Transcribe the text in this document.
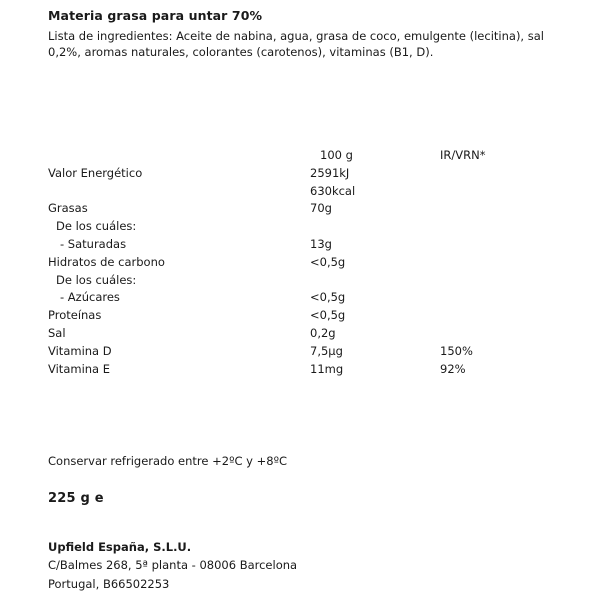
Materia grasa para untar 70%

Lista de ingredientes: Aceite de nabina, agua, grasa de coco, emulgente (lecitina), sal 0,2%, aromas naturales, colorantes (carotenos), vitaminas (B1, D).

	100 g	IR/VRN*
Valor Energético	2591kJ	
	630kcal	
Grasas	70g	
De los cuáles:		
- Saturadas	13g	
Hidratos de carbono	<0,5g	
De los cuáles:		
- Azúcares	<0,5g	
Proteínas	<0,5g	
Sal	0,2g	
Vitamina D	7,5µg	150%
Vitamina E	11mg	92%
Conservar refrigerado entre +2ºC y +8ºC
225 g e
Upfield España, S.L.U.
C/Balmes 268, 5ª planta - 08006 Barcelona
Portugal, B66502253
